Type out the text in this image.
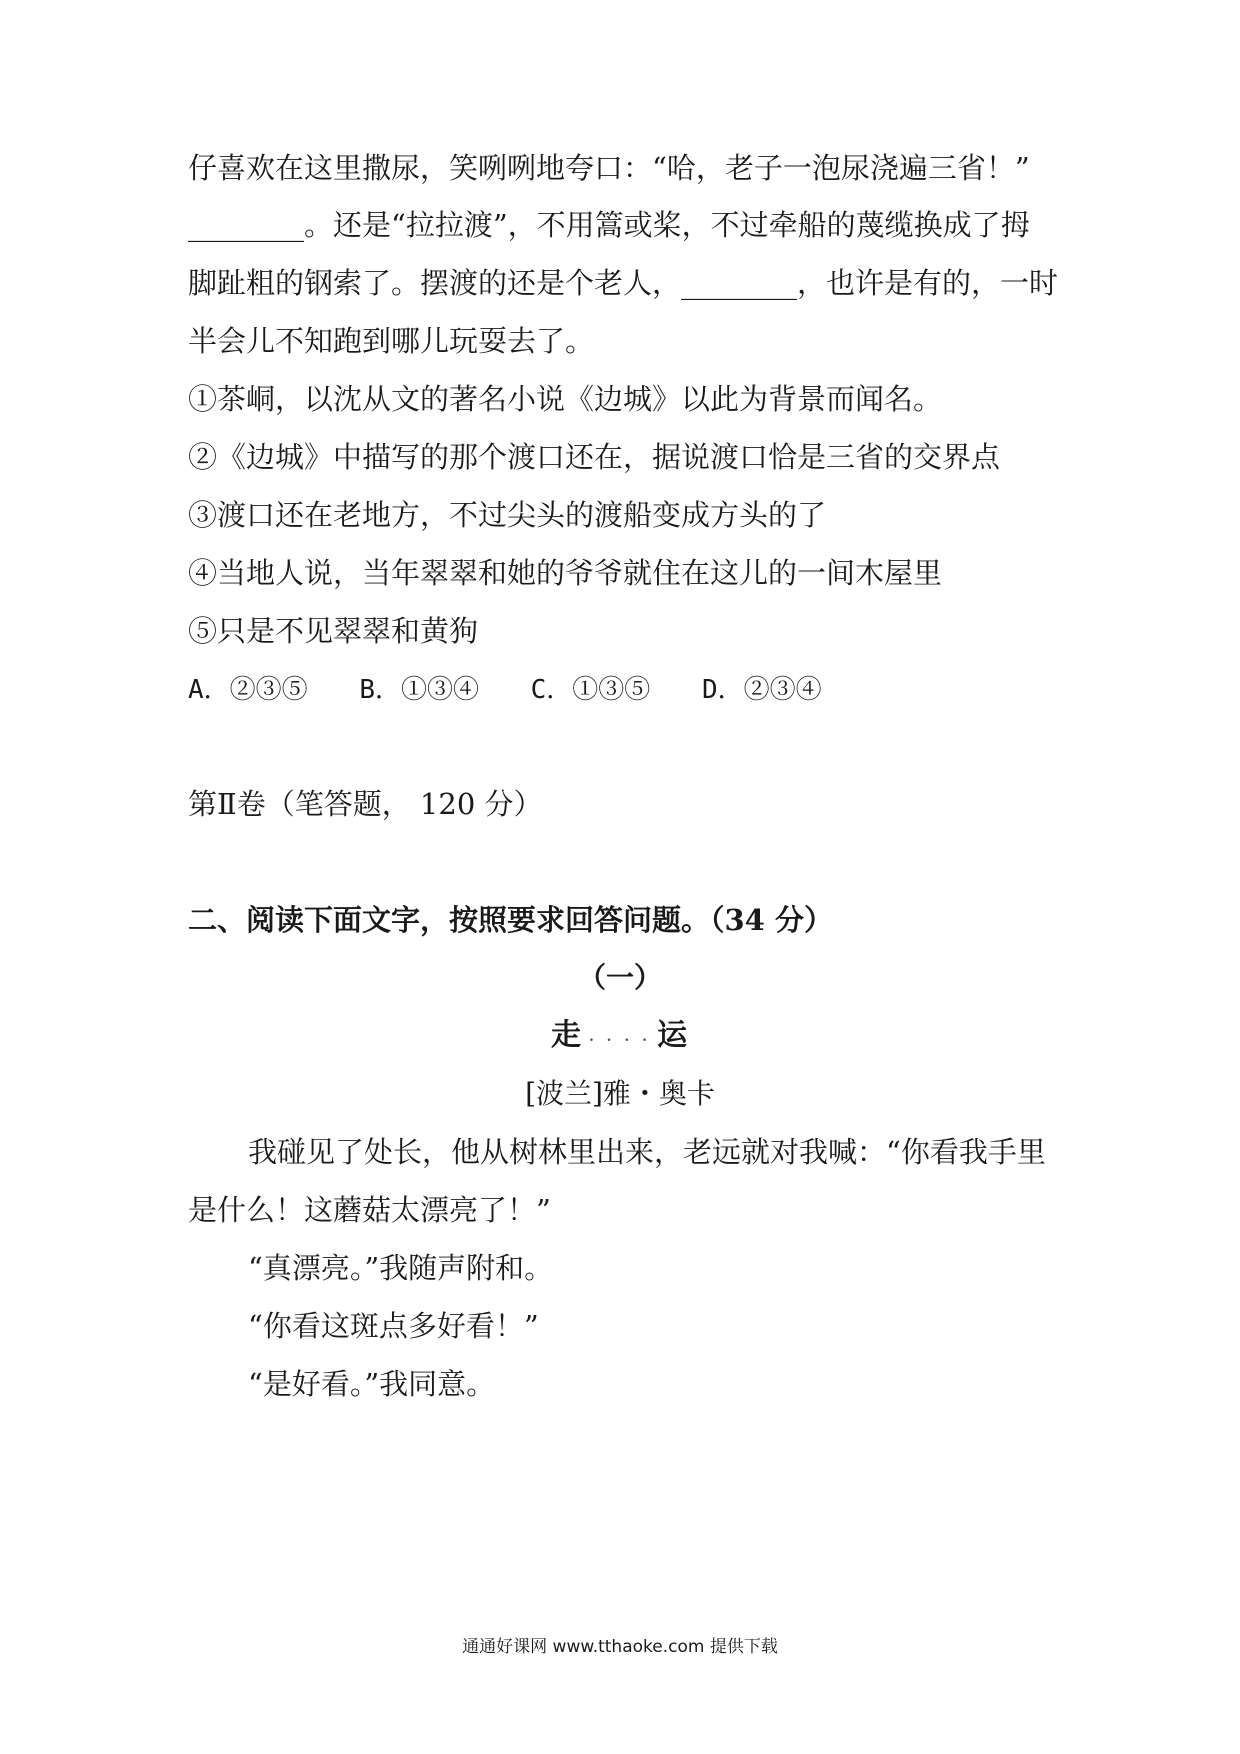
仔喜欢在这里撒尿，笑咧咧地夸口：“哈，老子一泡尿浇遍三省！”
________。还是“拉拉渡”，不用篙或桨，不过牵船的蔑缆换成了拇
脚趾粗的钢索了。摆渡的还是个老人，________，也许是有的，一时
半会儿不知跑到哪儿玩耍去了。
①茶峒，以沈从文的著名小说《边城》以此为背景而闻名。
②《边城》中描写的那个渡口还在，据说渡口恰是三省的交界点
③渡口还在老地方，不过尖头的渡船变成方头的了
④当地人说，当年翠翠和她的爷爷就住在这儿的一间木屋里
⑤只是不见翠翠和黄狗
A．②③⑤ B．①③④ C．①③⑤ D．②③④
第Ⅱ卷（笔答题， 120 分）
二、阅读下面文字，按照要求回答问题。（34 分）
（一）
走 . . . . 运
[波兰]雅・奥卡
我碰见了处长，他从树林里出来，老远就对我喊：“你看我手里
是什么！这蘑菇太漂亮了！”
“真漂亮。”我随声附和。
“你看这斑点多好看！”
“是好看。”我同意。
通通好课网 www.tthaoke.com 提供下载
